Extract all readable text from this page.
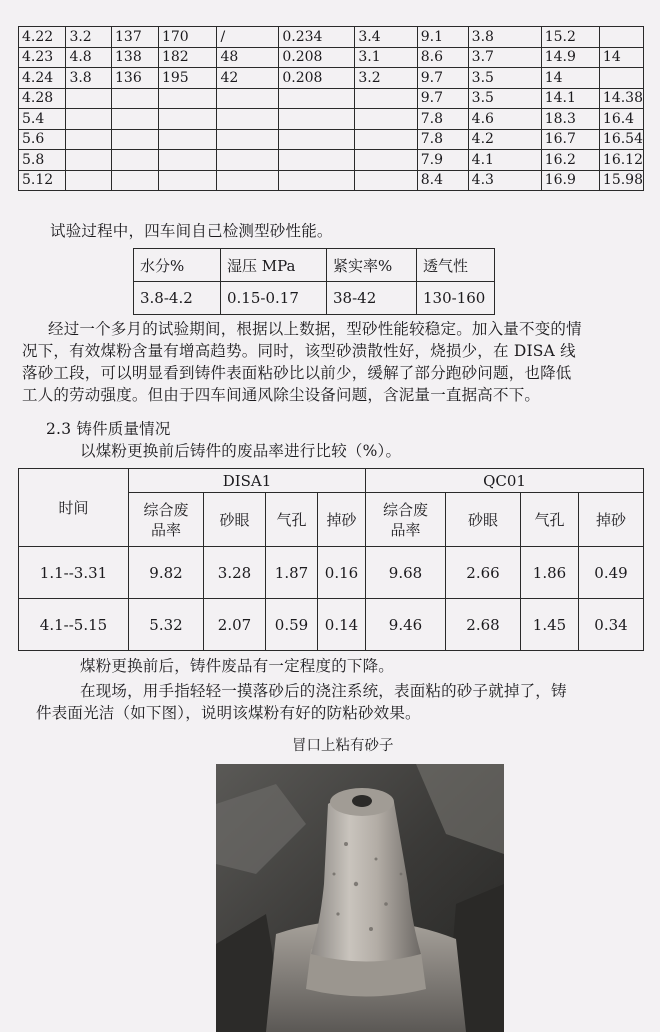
4.22	3.2	137	170	/	0.234	3.4	9.1	3.8	15.2	
4.23	4.8	138	182	48	0.208	3.1	8.6	3.7	14.9	14
4.24	3.8	136	195	42	0.208	3.2	9.7	3.5	14	
4.28							9.7	3.5	14.1	14.38
5.4							7.8	4.6	18.3	16.4
5.6							7.8	4.2	16.7	16.54
5.8							7.9	4.1	16.2	16.12
5.12							8.4	4.3	16.9	15.98
试验过程中，四车间自己检测型砂性能。
水分%	湿压 MPa	紧实率%	透气性
3.8-4.2	0.15-0.17	38-42	130-160
经过一个多月的试验期间，根据以上数据，型砂性能较稳定。加入量不变的情
况下，有效煤粉含量有增高趋势。同时，该型砂溃散性好，烧损少，在 DISA 线
落砂工段，可以明显看到铸件表面粘砂比以前少，缓解了部分跑砂问题，也降低
工人的劳动强度。但由于四车间通风除尘设备问题，含泥量一直据高不下。
2.3 铸件质量情况
以煤粉更换前后铸件的废品率进行比较（%）。
时间	DISA1				QC01			
	综合废品率	砂眼	气孔	掉砂	综合废品率	砂眼	气孔	掉砂
1.1--3.31	9.82	3.28	1.87	0.16	9.68	2.66	1.86	0.49
4.1--5.15	5.32	2.07	0.59	0.14	9.46	2.68	1.45	0.34
煤粉更换前后，铸件废品有一定程度的下降。
在现场，用手指轻轻一摸落砂后的浇注系统，表面粘的砂子就掉了，铸
件表面光洁（如下图），说明该煤粉有好的防粘砂效果。
冒口上粘有砂子
